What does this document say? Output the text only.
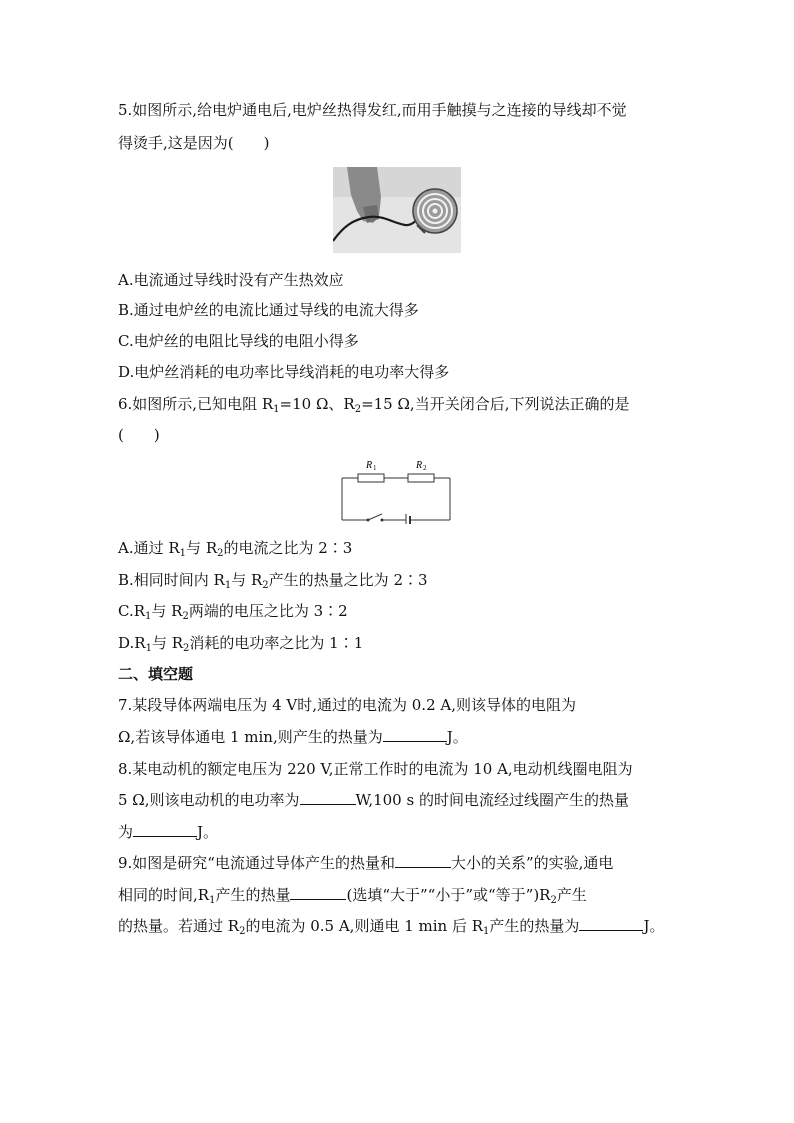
5.如图所示,给电炉通电后,电炉丝热得发红,而用手触摸与之连接的导线却不觉
得烫手,这是因为(　　)
A.电流通过导线时没有产生热效应
B.通过电炉丝的电流比通过导线的电流大得多
C.电炉丝的电阻比导线的电阻小得多
D.电炉丝消耗的电功率比导线消耗的电功率大得多
6.如图所示,已知电阻 $R_1=10$ Ω、$R_2=15$ Ω,当开关闭合后,下列说法正确的是
(　　)
R 1	R 2
A.通过 $R_1$与 $R_2$的电流之比为 2∶3
B.相同时间内 $R_1$与 $R_2$产生的热量之比为 2∶3
$C.R_1$与 $R_2$两端的电压之比为 3∶2
$D.R_1$与 $R_2$消耗的电功率之比为 1∶1
二、填空题
7.某段导体两端电压为 4 V时,通过的电流为 0.2 A,则该导体的电阻为
Ω,若该导体通电 1 min,则产生的热量为	J。
8.某电动机的额定电压为 220 V,正常工作时的电流为 10 A,电动机线圈电阻为
5 Ω,则该电动机的电功率为	W,100 s 的时间电流经过线圈产生的热量
为	J。
9.如图是研究“电流通过导体产生的热量和	大小的关系”的实验,通电
相同的时间$,R_1$产生的热量	(选填“大于”“小于”或“等于$”)R_2$产生
的热量。若通过 $R_2$的电流为 0.5 A,则通电 1 min 后 $R_1$产生的热量为	J。
